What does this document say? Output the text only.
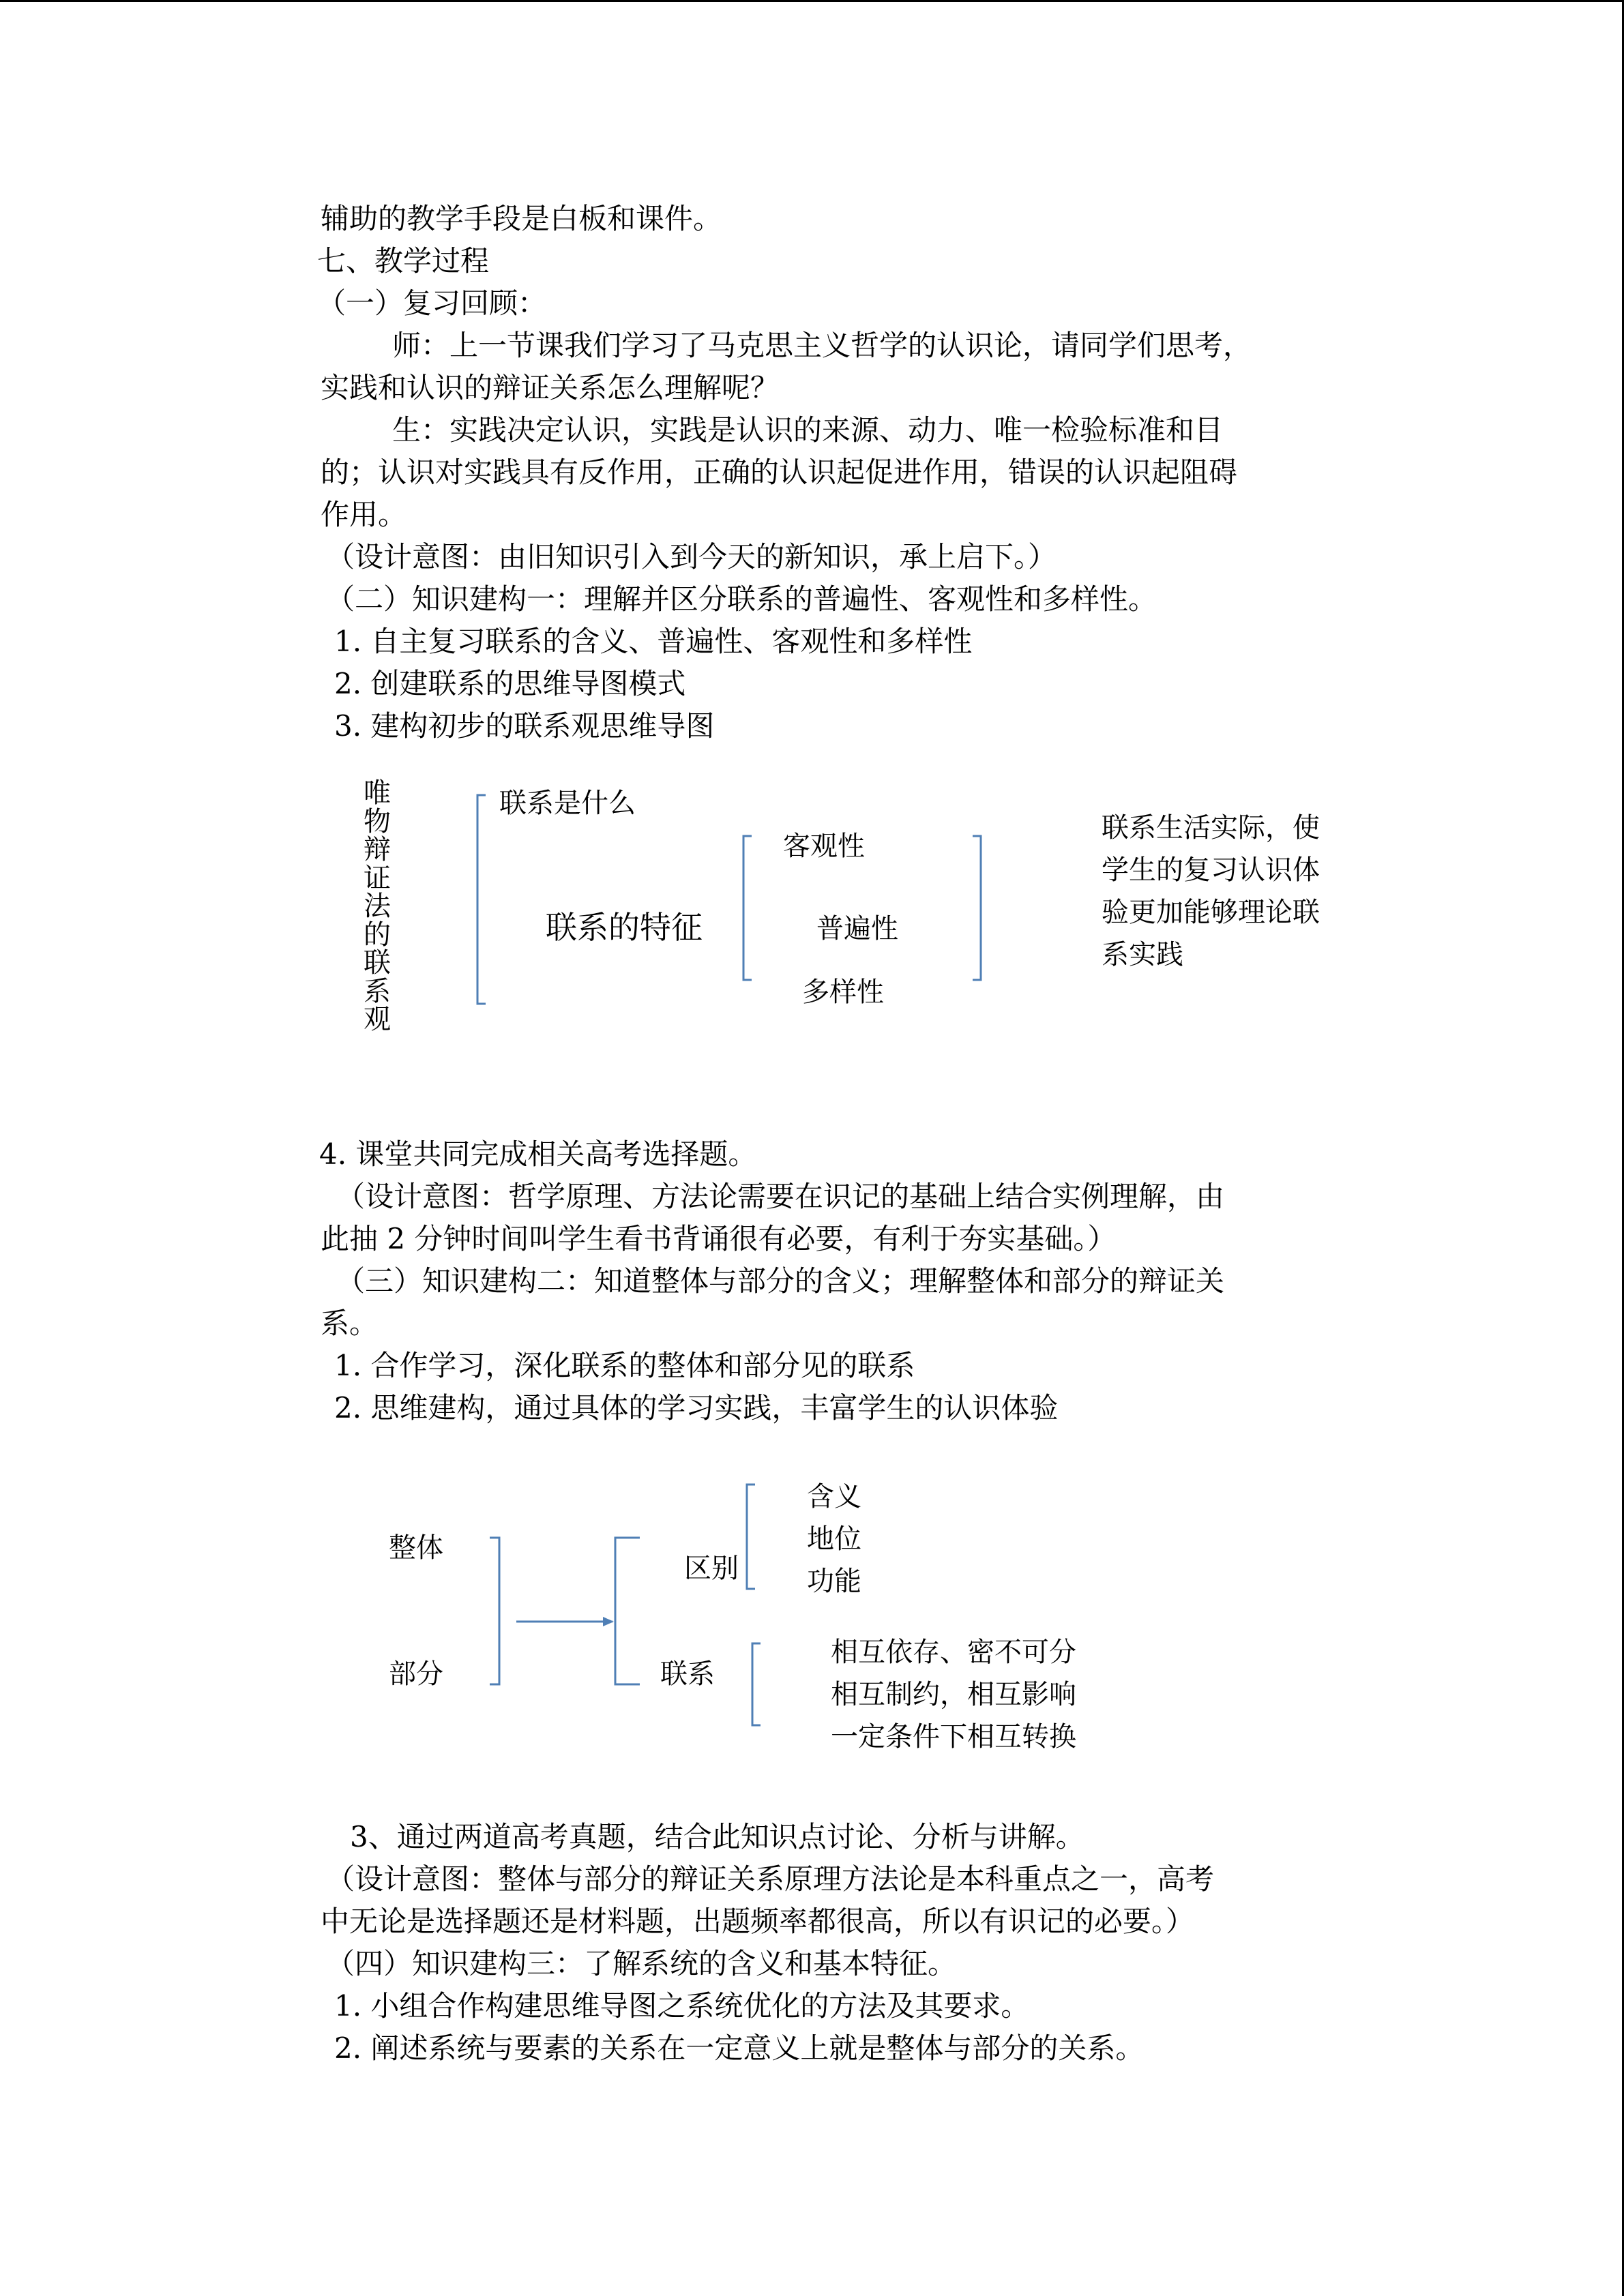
辅助的教学手段是白板和课件。
七、教学过程
（一）复习回顾：
师：上一节课我们学习了马克思主义哲学的认识论，请同学们思考，
实践和认识的辩证关系怎么理解呢？
生：实践决定认识，实践是认识的来源、动力、唯一检验标准和目
的；认识对实践具有反作用，正确的认识起促进作用，错误的认识起阻碍
作用。
（设计意图：由旧知识引入到今天的新知识，承上启下。）
（二）知识建构一：理解并区分联系的普遍性、客观性和多样性。
1. 自主复习联系的含义、普遍性、客观性和多样性
2. 创建联系的思维导图模式
3. 建构初步的联系观思维导图
唯物辩证法的联系观
联系是什么
联系的特征
客观性
普遍性
多样性
联系生活实际，使
学生的复习认识体
验更加能够理论联
系实践
4. 课堂共同完成相关高考选择题。
（设计意图：哲学原理、方法论需要在识记的基础上结合实例理解，由
此抽 2 分钟时间叫学生看书背诵很有必要，有利于夯实基础。）
（三）知识建构二：知道整体与部分的含义；理解整体和部分的辩证关
系。
1. 合作学习，深化联系的整体和部分见的联系
2. 思维建构，通过具体的学习实践，丰富学生的认识体验
整体
部分
区别
联系
含义
地位
功能
相互依存、密不可分
相互制约，相互影响
一定条件下相互转换
3、通过两道高考真题，结合此知识点讨论、分析与讲解。
（设计意图：整体与部分的辩证关系原理方法论是本科重点之一，高考
中无论是选择题还是材料题，出题频率都很高，所以有识记的必要。）
（四）知识建构三：了解系统的含义和基本特征。
1. 小组合作构建思维导图之系统优化的方法及其要求。
2. 阐述系统与要素的关系在一定意义上就是整体与部分的关系。
